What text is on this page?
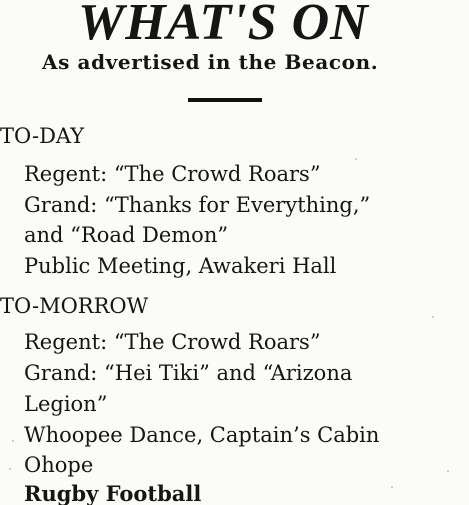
WHAT'S ON
As advertised in the Beacon.
TO-DAY
Regent: “The Crowd Roars”
Grand: “Thanks for Everything,”
and “Road Demon”
Public Meeting, Awakeri Hall
TO-MORROW
Regent: “The Crowd Roars”
Grand: “Hei Tiki” and “Arizona
Legion”
Whoopee Dance, Captain’s Cabin
Ohope
Rugby Football
